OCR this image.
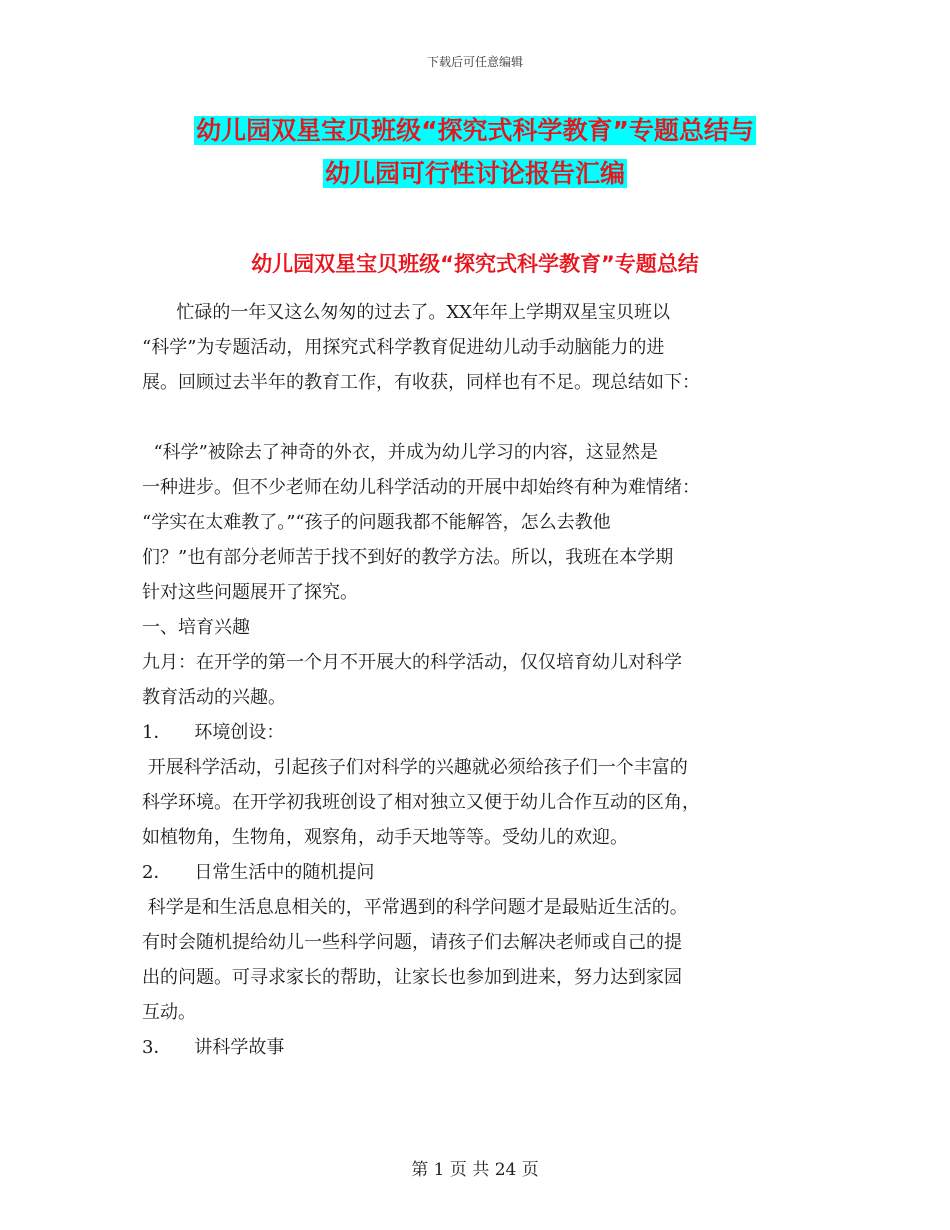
下载后可任意编辑
幼儿园双星宝贝班级“探究式科学教育”专题总结与
幼儿园可行性讨论报告汇编
幼儿园双星宝贝班级“探究式科学教育”专题总结

忙碌的一年又这么匆匆的过去了。XX年年上学期双星宝贝班以

“科学”为专题活动，用探究式科学教育促进幼儿动手动脑能力的进

展。回顾过去半年的教育工作，有收获，同样也有不足。现总结如下：

“科学”被除去了神奇的外衣，并成为幼儿学习的内容，这显然是

一种进步。但不少老师在幼儿科学活动的开展中却始终有种为难情绪：

“学实在太难教了。”“孩子的问题我都不能解答，怎么去教他

们？”也有部分老师苦于找不到好的教学方法。所以，我班在本学期

针对这些问题展开了探究。

一、培育兴趣

九月：在开学的第一个月不开展大的科学活动，仅仅培育幼儿对科学

教育活动的兴趣。

1．    环境创设：

开展科学活动，引起孩子们对科学的兴趣就必须给孩子们一个丰富的

科学环境。在开学初我班创设了相对独立又便于幼儿合作互动的区角，

如植物角，生物角，观察角，动手天地等等。受幼儿的欢迎。

2．    日常生活中的随机提问

科学是和生活息息相关的，平常遇到的科学问题才是最贴近生活的。

有时会随机提给幼儿一些科学问题，请孩子们去解决老师或自己的提

出的问题。可寻求家长的帮助，让家长也参加到进来，努力达到家园

互动。

3．    讲科学故事

第 1 页 共 24 页
